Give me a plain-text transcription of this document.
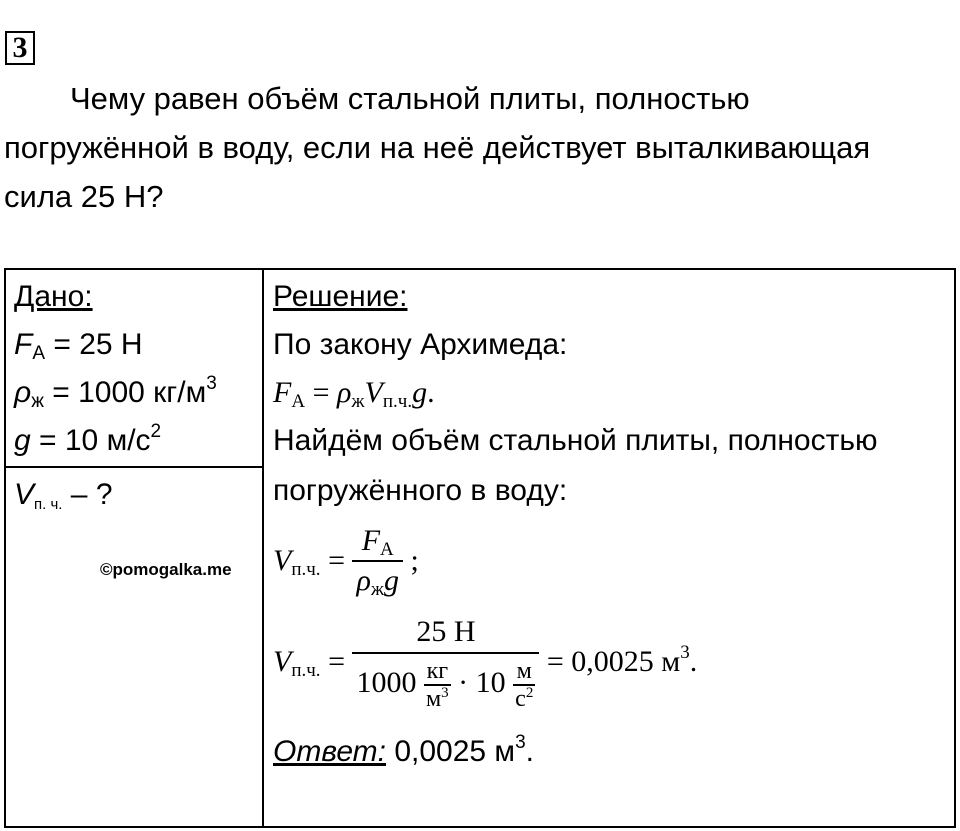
3
Чему равен объём стальной плиты, полностью
погружённой в воду, если на неё действует выталкивающая
сила 25 Н?
Дано:
$F_А = 25$ Н
$\rho_ж = 1000$ $кг/м^3$
g = 10 $м/с^2$
$V_{п. ч.}$ – ?
©pomogalka.me
Решение:
По закону Архимеда:
$F_А = \rho_жV_{п.ч.}g$.
Найдём объём стальной плиты, полностью
погружённого в воду:
$V_{п.ч.} = \frac{F_А}{\rho_жg}$ ;
$V_{п.ч.} = \frac{25 Н}{1000 \frac{кг}{м^3} \cdot 10 \frac{м}{с^2}} = 0,0025$ $м^3$.
Ответ: 0,0025 $м^3$.
